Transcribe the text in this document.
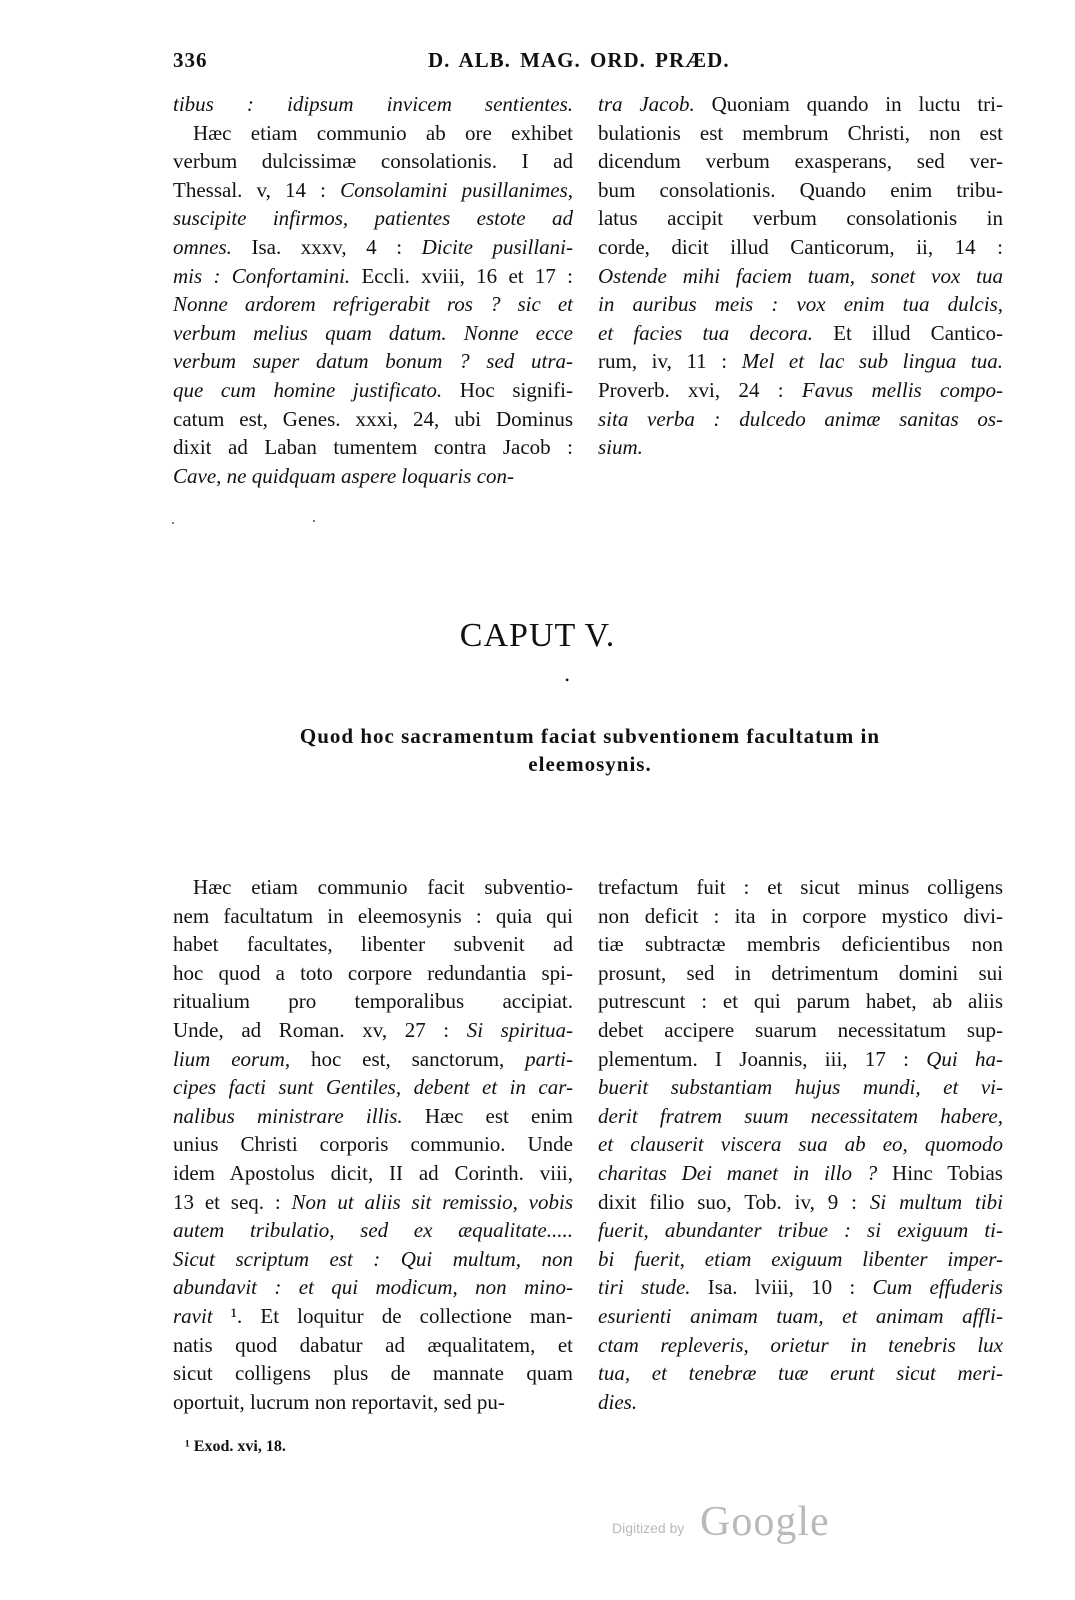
336	D. ALB. MAG. ORD. PRÆD.
tibus : idipsum invicem sentientes.
Hæc etiam communio ab ore exhibet
verbum dulcissimæ consolationis. I ad
Thessal. v, 14 : Consolamini pusillanimes,
suscipite infirmos, patientes estote ad
omnes. Isa. xxxv, 4 : Dicite pusillani-
mis : Confortamini. Eccli. xviii, 16 et 17 :
Nonne ardorem refrigerabit ros ? sic et
verbum melius quam datum. Nonne ecce
verbum super datum bonum ? sed utra-
que cum homine justificato. Hoc signifi-
catum est, Genes. xxxi, 24, ubi Dominus
dixit ad Laban tumentem contra Jacob :
Cave, ne quidquam aspere loquaris con-
tra Jacob. Quoniam quando in luctu tri-
bulationis est membrum Christi, non est
dicendum verbum exasperans, sed ver-
bum consolationis. Quando enim tribu-
latus accipit verbum consolationis in
corde, dicit illud Canticorum, ii, 14 :
Ostende mihi faciem tuam, sonet vox tua
in auribus meis : vox enim tua dulcis,
et facies tua decora. Et illud Cantico-
rum, iv, 11 : Mel et lac sub lingua tua.
Proverb. xvi, 24 : Favus mellis compo-
sita verba : dulcedo animæ sanitas os-
sium.
CAPUT V.
•
Quod hoc sacramentum faciat subventionem facultatum in
eleemosynis.
Hæc etiam communio facit subventio-
nem facultatum in eleemosynis : quia qui
habet facultates, libenter subvenit ad
hoc quod a toto corpore redundantia spi-
ritualium pro temporalibus accipiat.
Unde, ad Roman. xv, 27 : Si spiritua-
lium eorum, hoc est, sanctorum, parti-
cipes facti sunt Gentiles, debent et in car-
nalibus ministrare illis. Hæc est enim
unius Christi corporis communio. Unde
idem Apostolus dicit, II ad Corinth. viii,
13 et seq. : Non ut aliis sit remissio, vobis
autem tribulatio, sed ex æqualitate.....
Sicut scriptum est : Qui multum, non
abundavit : et qui modicum, non mino-
ravit ¹. Et loquitur de collectione man-
natis quod dabatur ad æqualitatem, et
sicut colligens plus de mannate quam
oportuit, lucrum non reportavit, sed pu-
trefactum fuit : et sicut minus colligens
non deficit : ita in corpore mystico divi-
tiæ subtractæ membris deficientibus non
prosunt, sed in detrimentum domini sui
putrescunt : et qui parum habet, ab aliis
debet accipere suarum necessitatum sup-
plementum. I Joannis, iii, 17 : Qui ha-
buerit substantiam hujus mundi, et vi-
derit fratrem suum necessitatem habere,
et clauserit viscera sua ab eo, quomodo
charitas Dei manet in illo ? Hinc Tobias
dixit filio suo, Tob. iv, 9 : Si multum tibi
fuerit, abundanter tribue : si exiguum ti-
bi fuerit, etiam exiguum libenter imper-
tiri stude. Isa. lviii, 10 : Cum effuderis
esurienti animam tuam, et animam affli-
ctam repleveris, orietur in tenebris lux
tua, et tenebræ tuæ erunt sicut meri-
dies.
¹ Exod. xvi, 18.
Digitized by Google
